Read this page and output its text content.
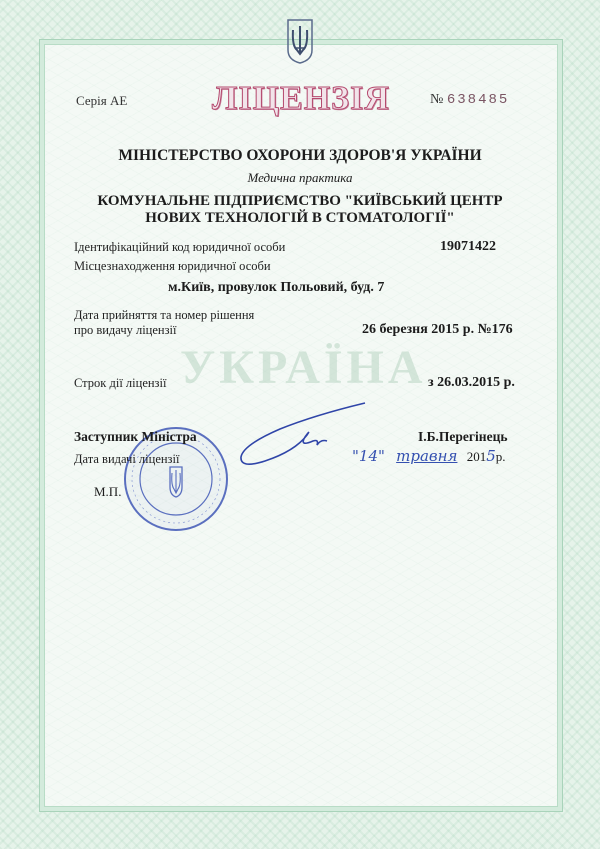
Серія АЕ ЛІЦЕНЗІЯ	№ 638485
МІНІСТЕРСТВО ОХОРОНИ ЗДОРОВ'Я УКРАЇНИ
Медична практика
КОМУНАЛЬНЕ ПІДПРИЄМСТВО "КИЇВСЬКИЙ ЦЕНТР
НОВИХ ТЕХНОЛОГІЙ В СТОМАТОЛОГІЇ"
Ідентифікаційний код юридичної особи	19071422
Місцезнаходження юридичної особи
м.Київ, провулок Польовий, буд. 7
Дата прийняття та номер рішення
про видачу ліцензії	26 березня 2015 р. №176
УКРАЇНА
Строк дії ліцензії	з 26.03.2015 р.
Заступник Міністра	І.Б.Перегінець
Дата видачі ліцензії	"14" травня 2015р.
М.П.
